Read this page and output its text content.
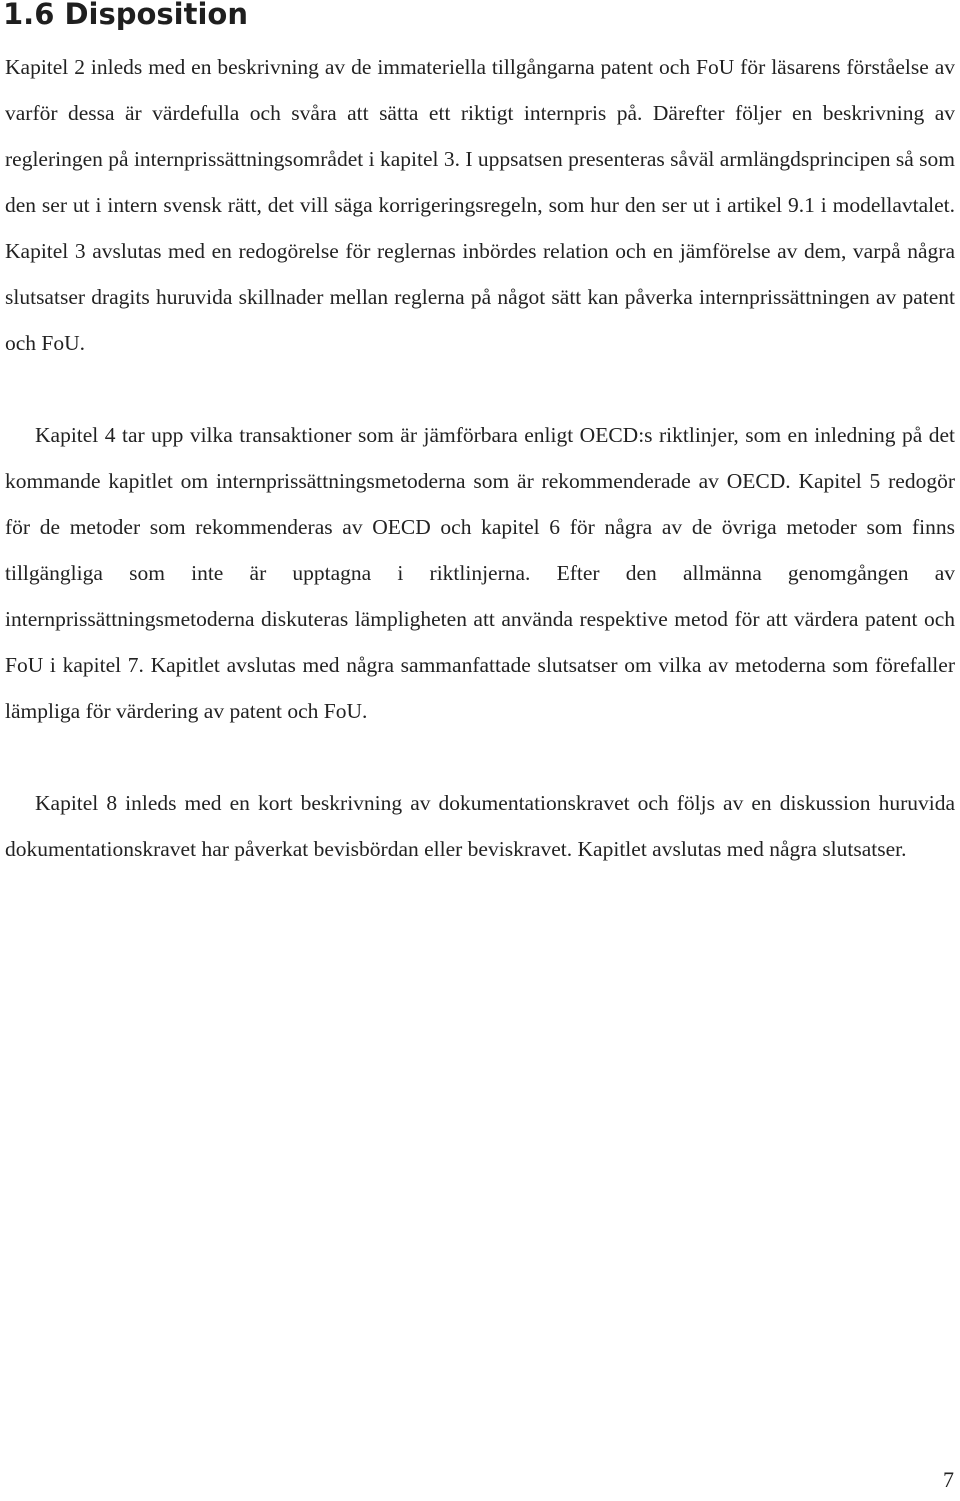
1.6 Disposition

Kapitel 2 inleds med en beskrivning av de immateriella tillgångarna patent och FoU för läsarens förståelse av varför dessa är värdefulla och svåra att sätta ett riktigt internpris på. Därefter följer en beskrivning av regleringen på internprissättningsområdet i kapitel 3. I uppsatsen presenteras såväl armlängdsprincipen så som den ser ut i intern svensk rätt, det vill säga korrigeringsregeln, som hur den ser ut i artikel 9.1 i modellavtalet. Kapitel 3 avslutas med en redogörelse för reglernas inbördes relation och en jämförelse av dem, varpå några slutsatser dragits huruvida skillnader mellan reglerna på något sätt kan påverka internprissättningen av patent och FoU.

Kapitel 4 tar upp vilka transaktioner som är jämförbara enligt OECD:s riktlinjer, som en inledning på det kommande kapitlet om internprissättningsmetoderna som är rekommenderade av OECD. Kapitel 5 redogör för de metoder som rekommenderas av OECD och kapitel 6 för några av de övriga metoder som finns tillgängliga som inte är upptagna i riktlinjerna. Efter den allmänna genomgången av internprissättningsmetoderna diskuteras lämpligheten att använda respektive metod för att värdera patent och FoU i kapitel 7. Kapitlet avslutas med några sammanfattade slutsatser om vilka av metoderna som förefaller lämpliga för värdering av patent och FoU.

Kapitel 8 inleds med en kort beskrivning av dokumentationskravet och följs av en diskussion huruvida dokumentationskravet har påverkat bevisbördan eller beviskravet. Kapitlet avslutas med några slutsatser.

7
